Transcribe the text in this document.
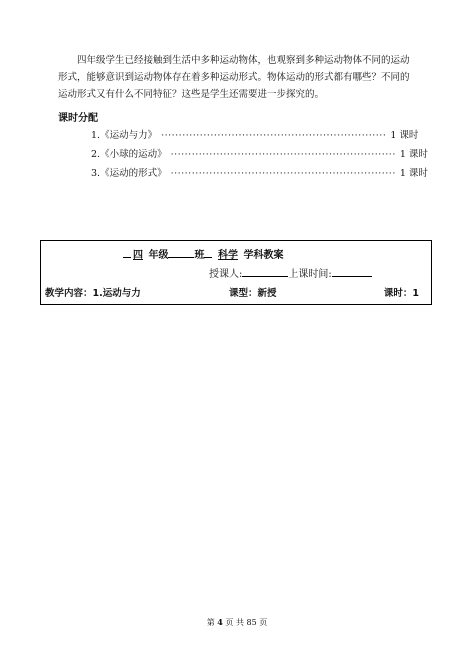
四年级学生已经接触到生活中多种运动物体，也观察到多种运动物体不同的运动形式，能够意识到运动物体存在着多种运动形式。物体运动的形式都有哪些？不同的运动形式又有什么不同特征？这些是学生还需要进一步探究的。

课时分配
1.《运动与力》 ································································ 1 课时
2.《小球的运动》 ································································ 1 课时
3.《运动的形式》 ································································ 1 课时
四 年级	班 科学 学科教案
授课人:	上课时间:
教学内容：1.运动与力	课型：新授	课时：1
第 4 页 共 85 页
